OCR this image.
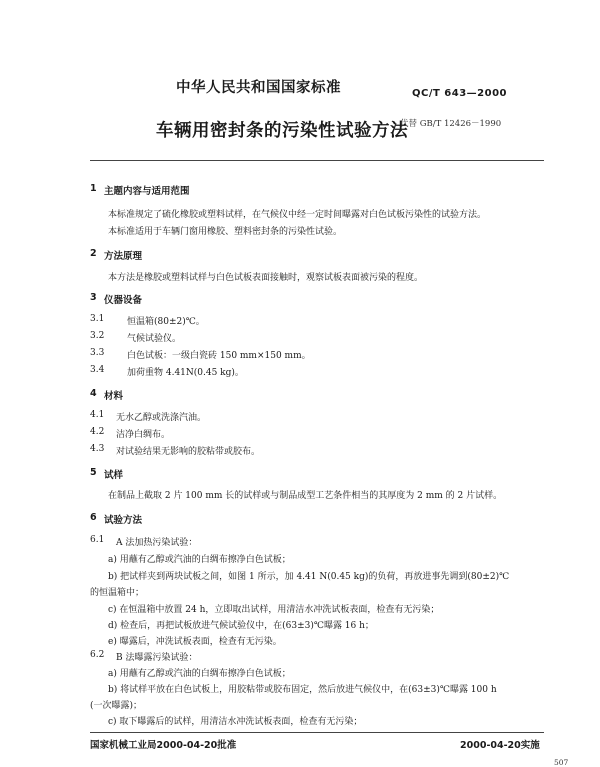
中华人民共和国国家标准	QC/T 643—2000
车辆用密封条的污染性试验方法
代替 GB/T 12426－1990
1 主题内容与适用范围
本标准规定了硫化橡胶或塑料试样，在气候仪中经一定时间曝露对白色试板污染性的试验方法。
本标准适用于车辆门窗用橡胶、塑料密封条的污染性试验。
2 方法原理
本方法是橡胶或塑料试样与白色试板表面接触时，观察试板表面被污染的程度。
3 仪器设备
3.1	恒温箱(80±2)℃。
3.2	气候试验仪。
3.3	白色试板：一级白瓷砖 150 mm×150 mm。
3.4	加荷重物 4.41N(0.45 kg)。
4 材料
4.1 无水乙醇或洗涤汽油。
4.2 洁净白绸布。
4.3 对试验结果无影响的胶粘带或胶布。
5 试样
在制品上截取 2 片 100 mm 长的试样或与制品成型工艺条件相当的其厚度为 2 mm 的 2 片试样。
6 试验方法
6.1 A 法加热污染试验：
a) 用蘸有乙醇或汽油的白绸布擦净白色试板；
b) 把试样夹到两块试板之间，如图 1 所示，加 4.41 N(0.45 kg)的负荷，再放进事先调到(80±2)℃
的恒温箱中；
c) 在恒温箱中放置 24 h，立即取出试样，用清洁水冲洗试板表面，检查有无污染；
d) 检查后，再把试板放进气候试验仪中，在(63±3)℃曝露 16 h；
e) 曝露后，冲洗试板表面，检查有无污染。
6.2 B 法曝露污染试验：
a) 用蘸有乙醇或汽油的白绸布擦净白色试板；
b) 将试样平放在白色试板上，用胶粘带或胶布固定，然后放进气候仪中，在(63±3)℃曝露 100 h
(一次曝露)；
c) 取下曝露后的试样，用清洁水冲洗试板表面，检查有无污染；
国家机械工业局2000-04-20批准	2000-04-20实施
507
